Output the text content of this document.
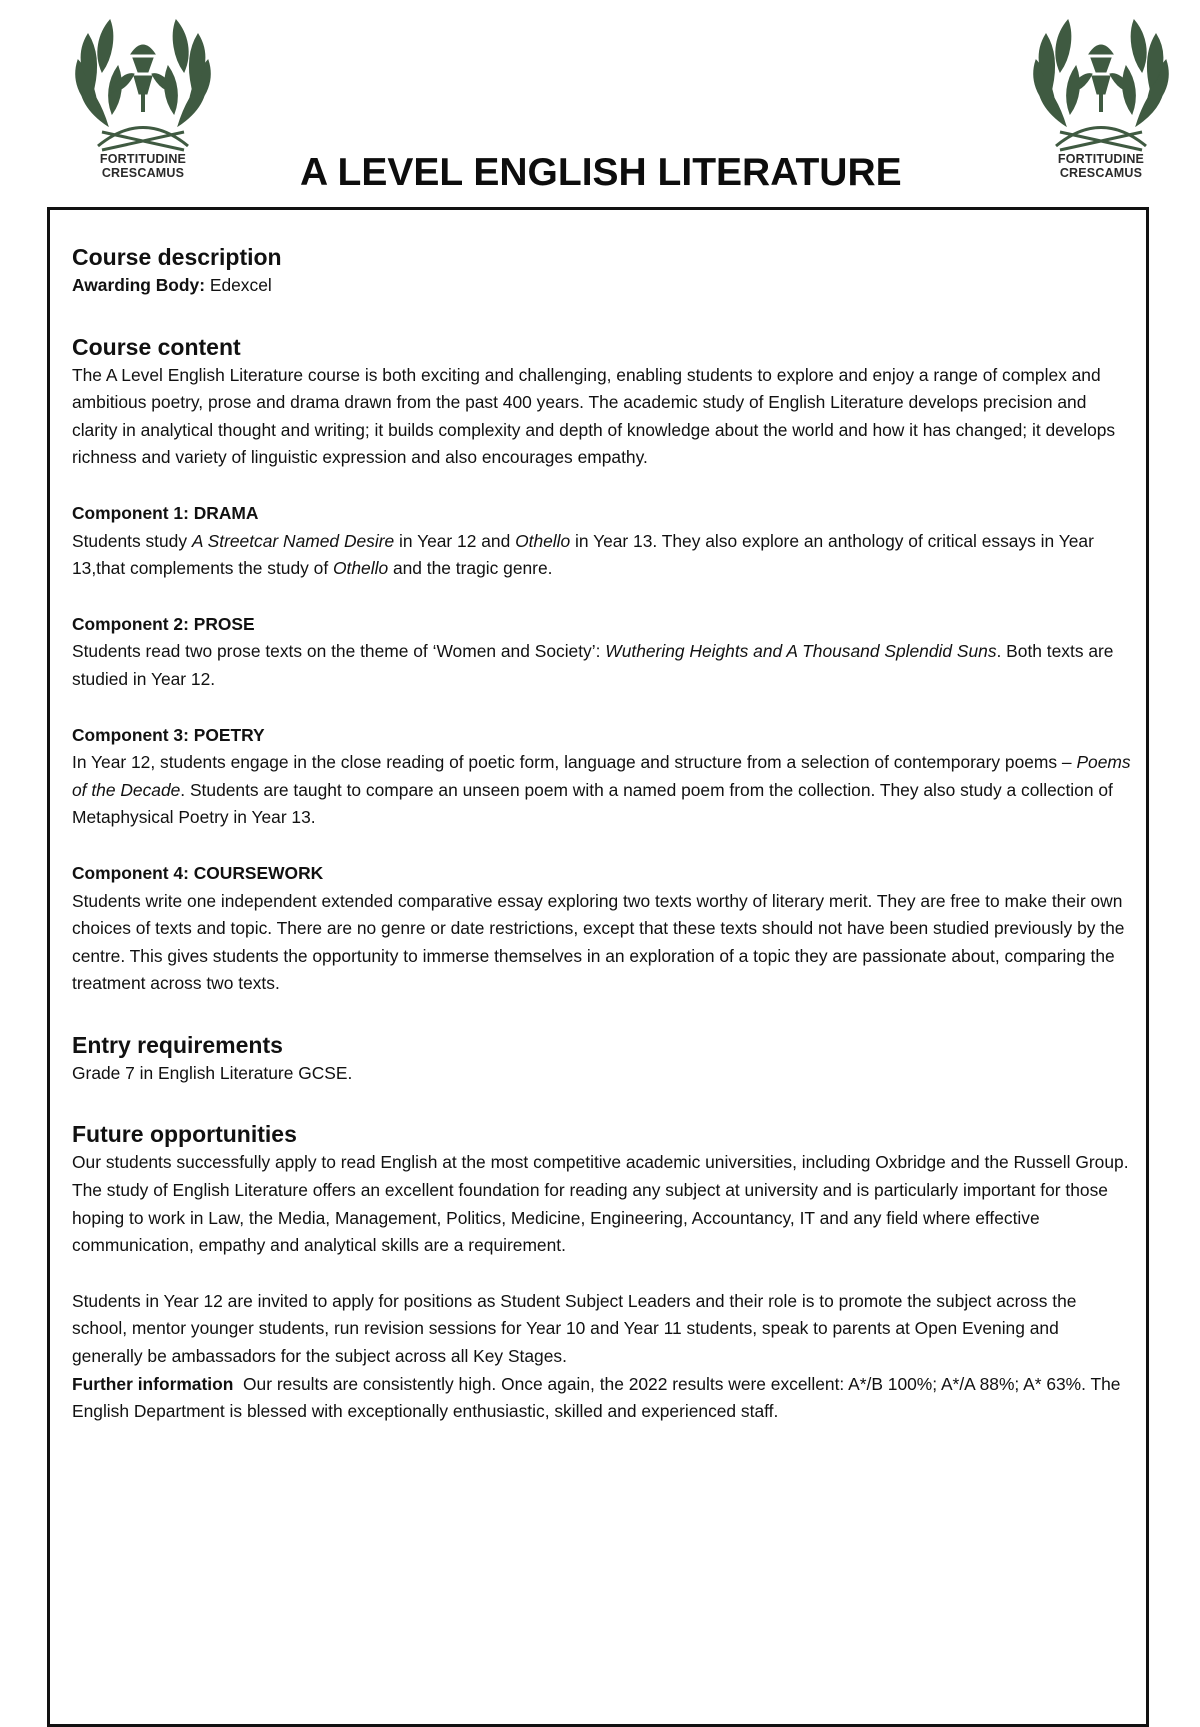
FORTITUDINE
CRESCAMUS
FORTITUDINE
CRESCAMUS
A LEVEL ENGLISH LITERATURE
Course description

Awarding Body: Edexcel

Course content

The A Level English Literature course is both exciting and challenging, enabling students to explore and enjoy a range of complex and ambitious poetry, prose and drama drawn from the past 400 years. The academic study of English Literature develops precision and clarity in analytical thought and writing; it builds complexity and depth of knowledge about the world and how it has changed; it develops richness and variety of linguistic expression and also encourages empathy.

Component 1: DRAMA

Students study A Streetcar Named Desire in Year 12 and Othello in Year 13. They also explore an anthology of critical essays in Year 13,that complements the study of Othello and the tragic genre.

Component 2: PROSE

Students read two prose texts on the theme of ‘Women and Society’: Wuthering Heights and A Thousand Splendid Suns. Both texts are studied in Year 12.

Component 3: POETRY

In Year 12, students engage in the close reading of poetic form, language and structure from a selection of contemporary poems – Poems of the Decade. Students are taught to compare an unseen poem with a named poem from the collection. They also study a collection of Metaphysical Poetry in Year 13.

Component 4: COURSEWORK

Students write one independent extended comparative essay exploring two texts worthy of literary merit. They are free to make their own choices of texts and topic. There are no genre or date restrictions, except that these texts should not have been studied previously by the centre. This gives students the opportunity to immerse themselves in an exploration of a topic they are passionate about, comparing the treatment across two texts.

Entry requirements

Grade 7 in English Literature GCSE.

Future opportunities

Our students successfully apply to read English at the most competitive academic universities, including Oxbridge and the Russell Group. The study of English Literature offers an excellent foundation for reading any subject at university and is particularly important for those hoping to work in Law, the Media, Management, Politics, Medicine, Engineering, Accountancy, IT and any field where effective communication, empathy and analytical skills are a requirement.

Students in Year 12 are invited to apply for positions as Student Subject Leaders and their role is to promote the subject across the school, mentor younger students, run revision sessions for Year 10 and Year 11 students, speak to parents at Open Evening and generally be ambassadors for the subject across all Key Stages.

Further information  Our results are consistently high. Once again, the 2022 results were excellent: A*/B 100%; A*/A 88%; A* 63%. The English Department is blessed with exceptionally enthusiastic, skilled and experienced staff.
